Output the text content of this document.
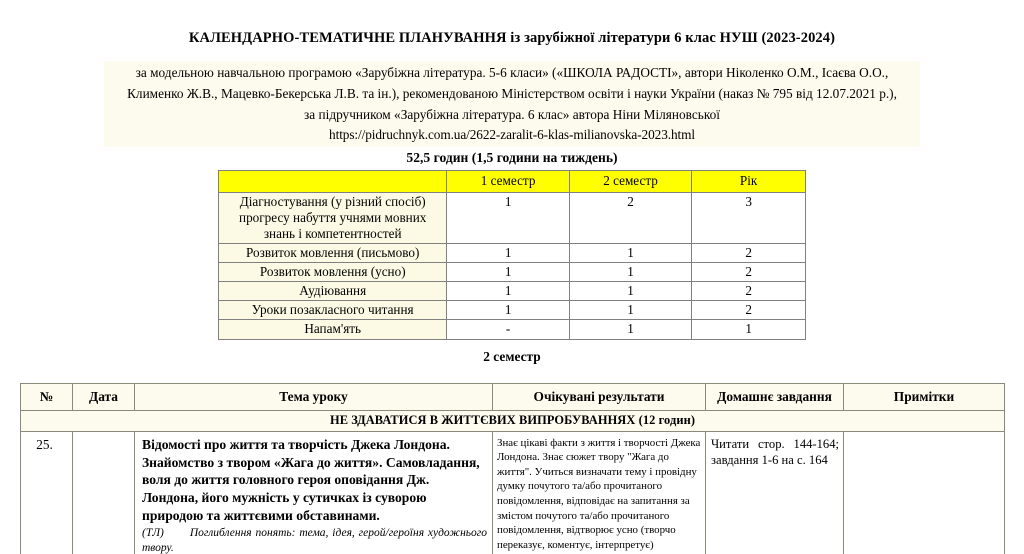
КАЛЕНДАРНО-ТЕМАТИЧНЕ ПЛАНУВАННЯ із зарубіжної літератури 6 клас НУШ (2023-2024)
за модельною навчальною програмою «Зарубіжна література. 5-6 класи» («ШКОЛА РАДОСТІ», автори Ніколенко О.М., Ісаєва О.О.,
Клименко Ж.В., Мацевко-Бекерська Л.В. та ін.), рекомендованою Міністерством освіти і науки України (наказ № 795 від 12.07.2021 р.),
за підручником «Зарубіжна література. 6 клас» автора Ніни Міляновської
https://pidruchnyk.com.ua/2622-zaralit-6-klas-milianovska-2023.html
52,5 годин (1,5 години на тиждень)
	1 семестр	2 семестр	Рік
Діагностування (у різний спосіб) прогресу набуття учнями мовних знань і компетентностей	1	2	3
Розвиток мовлення (письмово)	1	1	2
Розвиток мовлення (усно)	1	1	2
Аудіювання	1	1	2
Уроки позакласного читання	1	1	2
Напам'ять	-	1	1
2 семестр
№	Дата	Тема уроку	Очікувані результати	Домашнє завдання	Примітки
НЕ ЗДАВАТИСЯ В ЖИТТЄВИХ ВИПРОБУВАННЯХ (12 годин)					
25.		Відомості про життя та творчість Джека Лондона. Знайомство з твором «Жага до життя». Самовладання, воля до життя головного героя оповідання Дж. Лондона, його мужність у сутичках із суворою природою та життєвими обставинами.
(ТЛ) Поглиблення понять: тема, ідея, герой/героїня художнього твору.
	Знає цікаві факти з життя і творчості Джека Лондона. Знає сюжет твору "Жага до життя". Учиться визначати тему і провідну думку почутого та/або прочитаного повідомлення, відповідає на запитання за змістом почутого та/або прочитаного повідомлення, відтворює усно (творчо переказує, коментує, інтерпретує)	Читати стор. 144-164; завдання 1-6 на с. 164	
